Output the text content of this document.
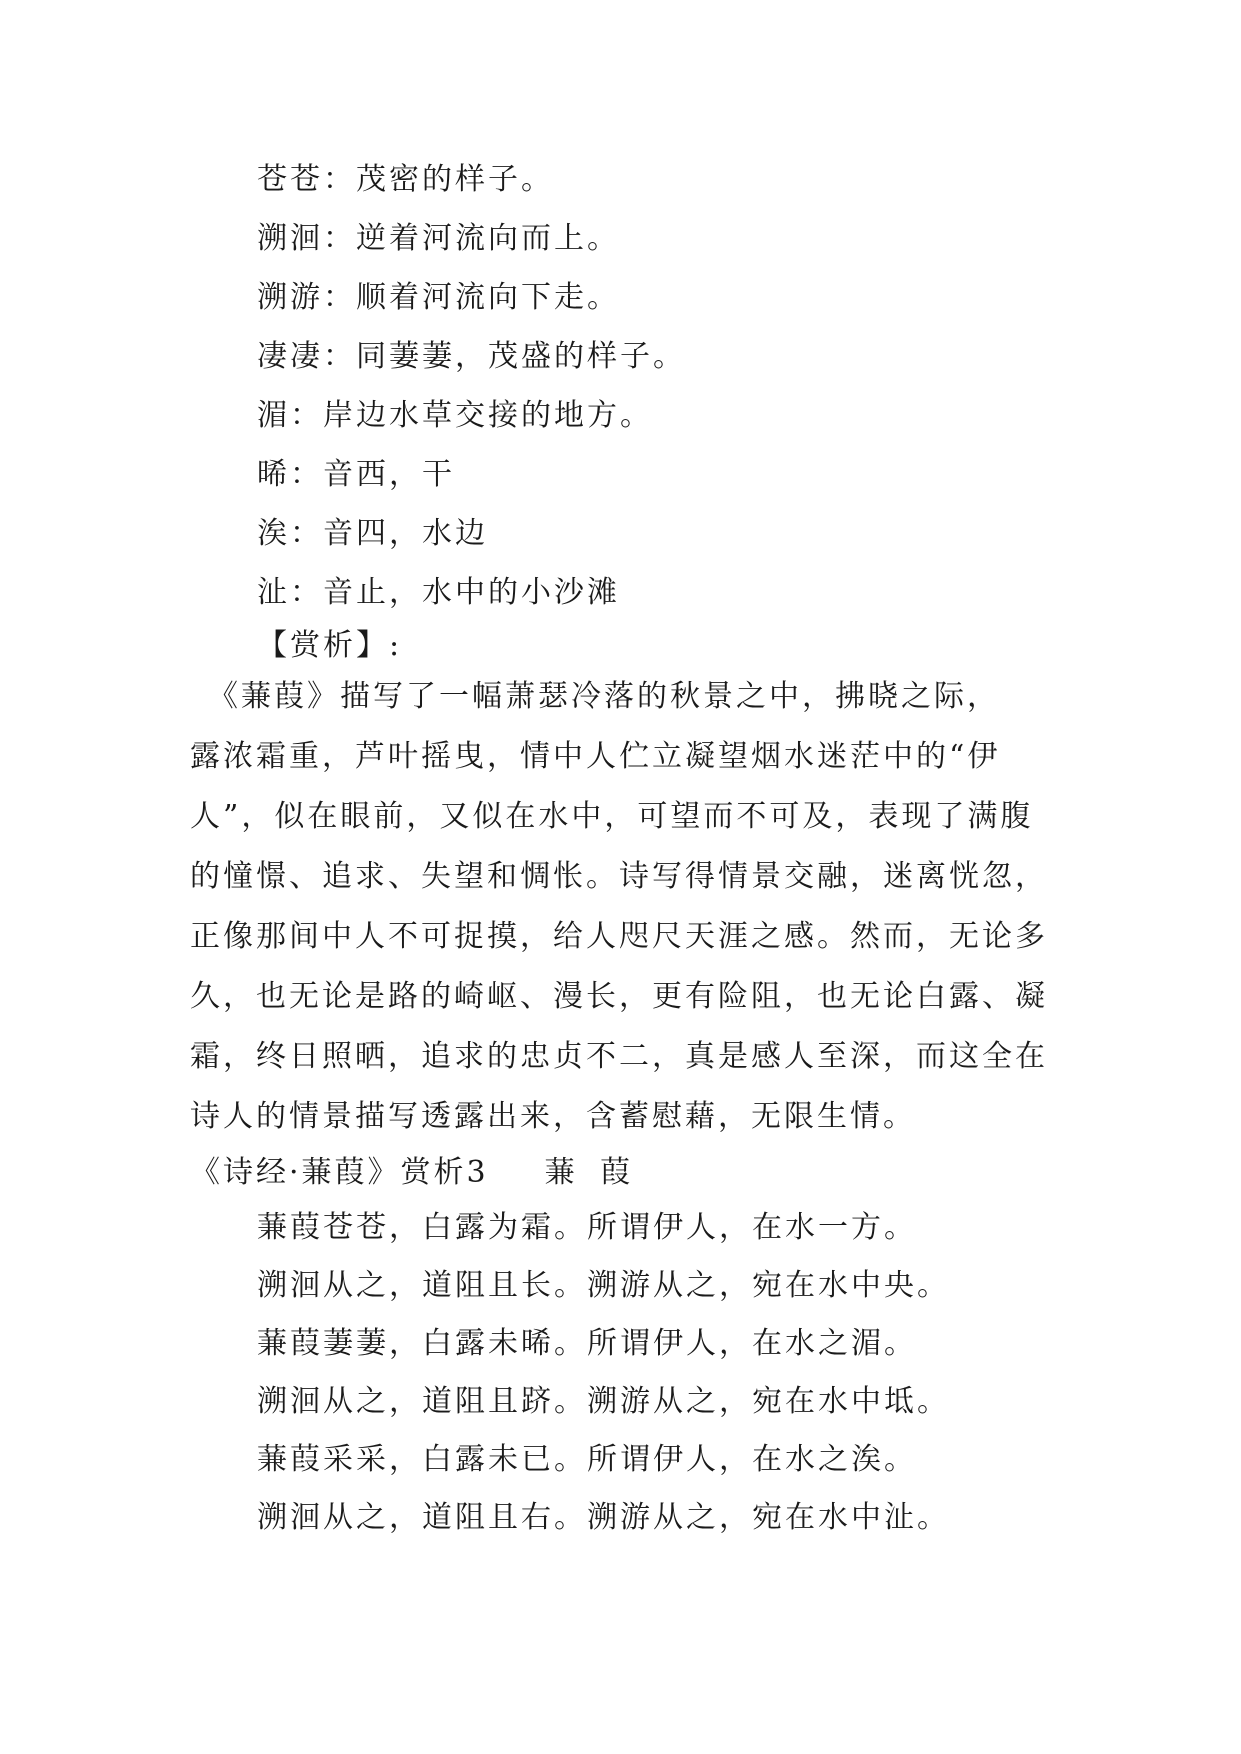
苍苍：茂密的样子。
溯洄：逆着河流向而上。
溯游：顺着河流向下走。
凄凄：同萋萋，茂盛的样子。
湄：岸边水草交接的地方。
晞：音西，干
涘：音四，水边
沚：音止，水中的小沙滩
【赏析】:

　《蒹葭》描写了一幅萧瑟冷落的秋景之中，拂晓之际，
露浓霜重，芦叶摇曳，情中人伫立凝望烟水迷茫中的“伊
人”，似在眼前，又似在水中，可望而不可及，表现了满腹
的憧憬、追求、失望和惆怅。诗写得情景交融，迷离恍忽，
正像那间中人不可捉摸，给人咫尺天涯之感。然而，无论多
久，也无论是路的崎岖、漫长，更有险阻，也无论白露、凝
霜，终日照晒，追求的忠贞不二，真是感人至深，而这全在
诗人的情景描写透露出来，含蓄慰藉，无限生情。

《诗经·蒹葭》赏析3 蒹 葭
蒹葭苍苍，白露为霜。所谓伊人，在水一方。
溯洄从之，道阻且长。溯游从之，宛在水中央。
蒹葭萋萋，白露未晞。所谓伊人，在水之湄。
溯洄从之，道阻且跻。溯游从之，宛在水中坻。
蒹葭采采，白露未已。所谓伊人，在水之涘。
溯洄从之，道阻且右。溯游从之，宛在水中沚。
